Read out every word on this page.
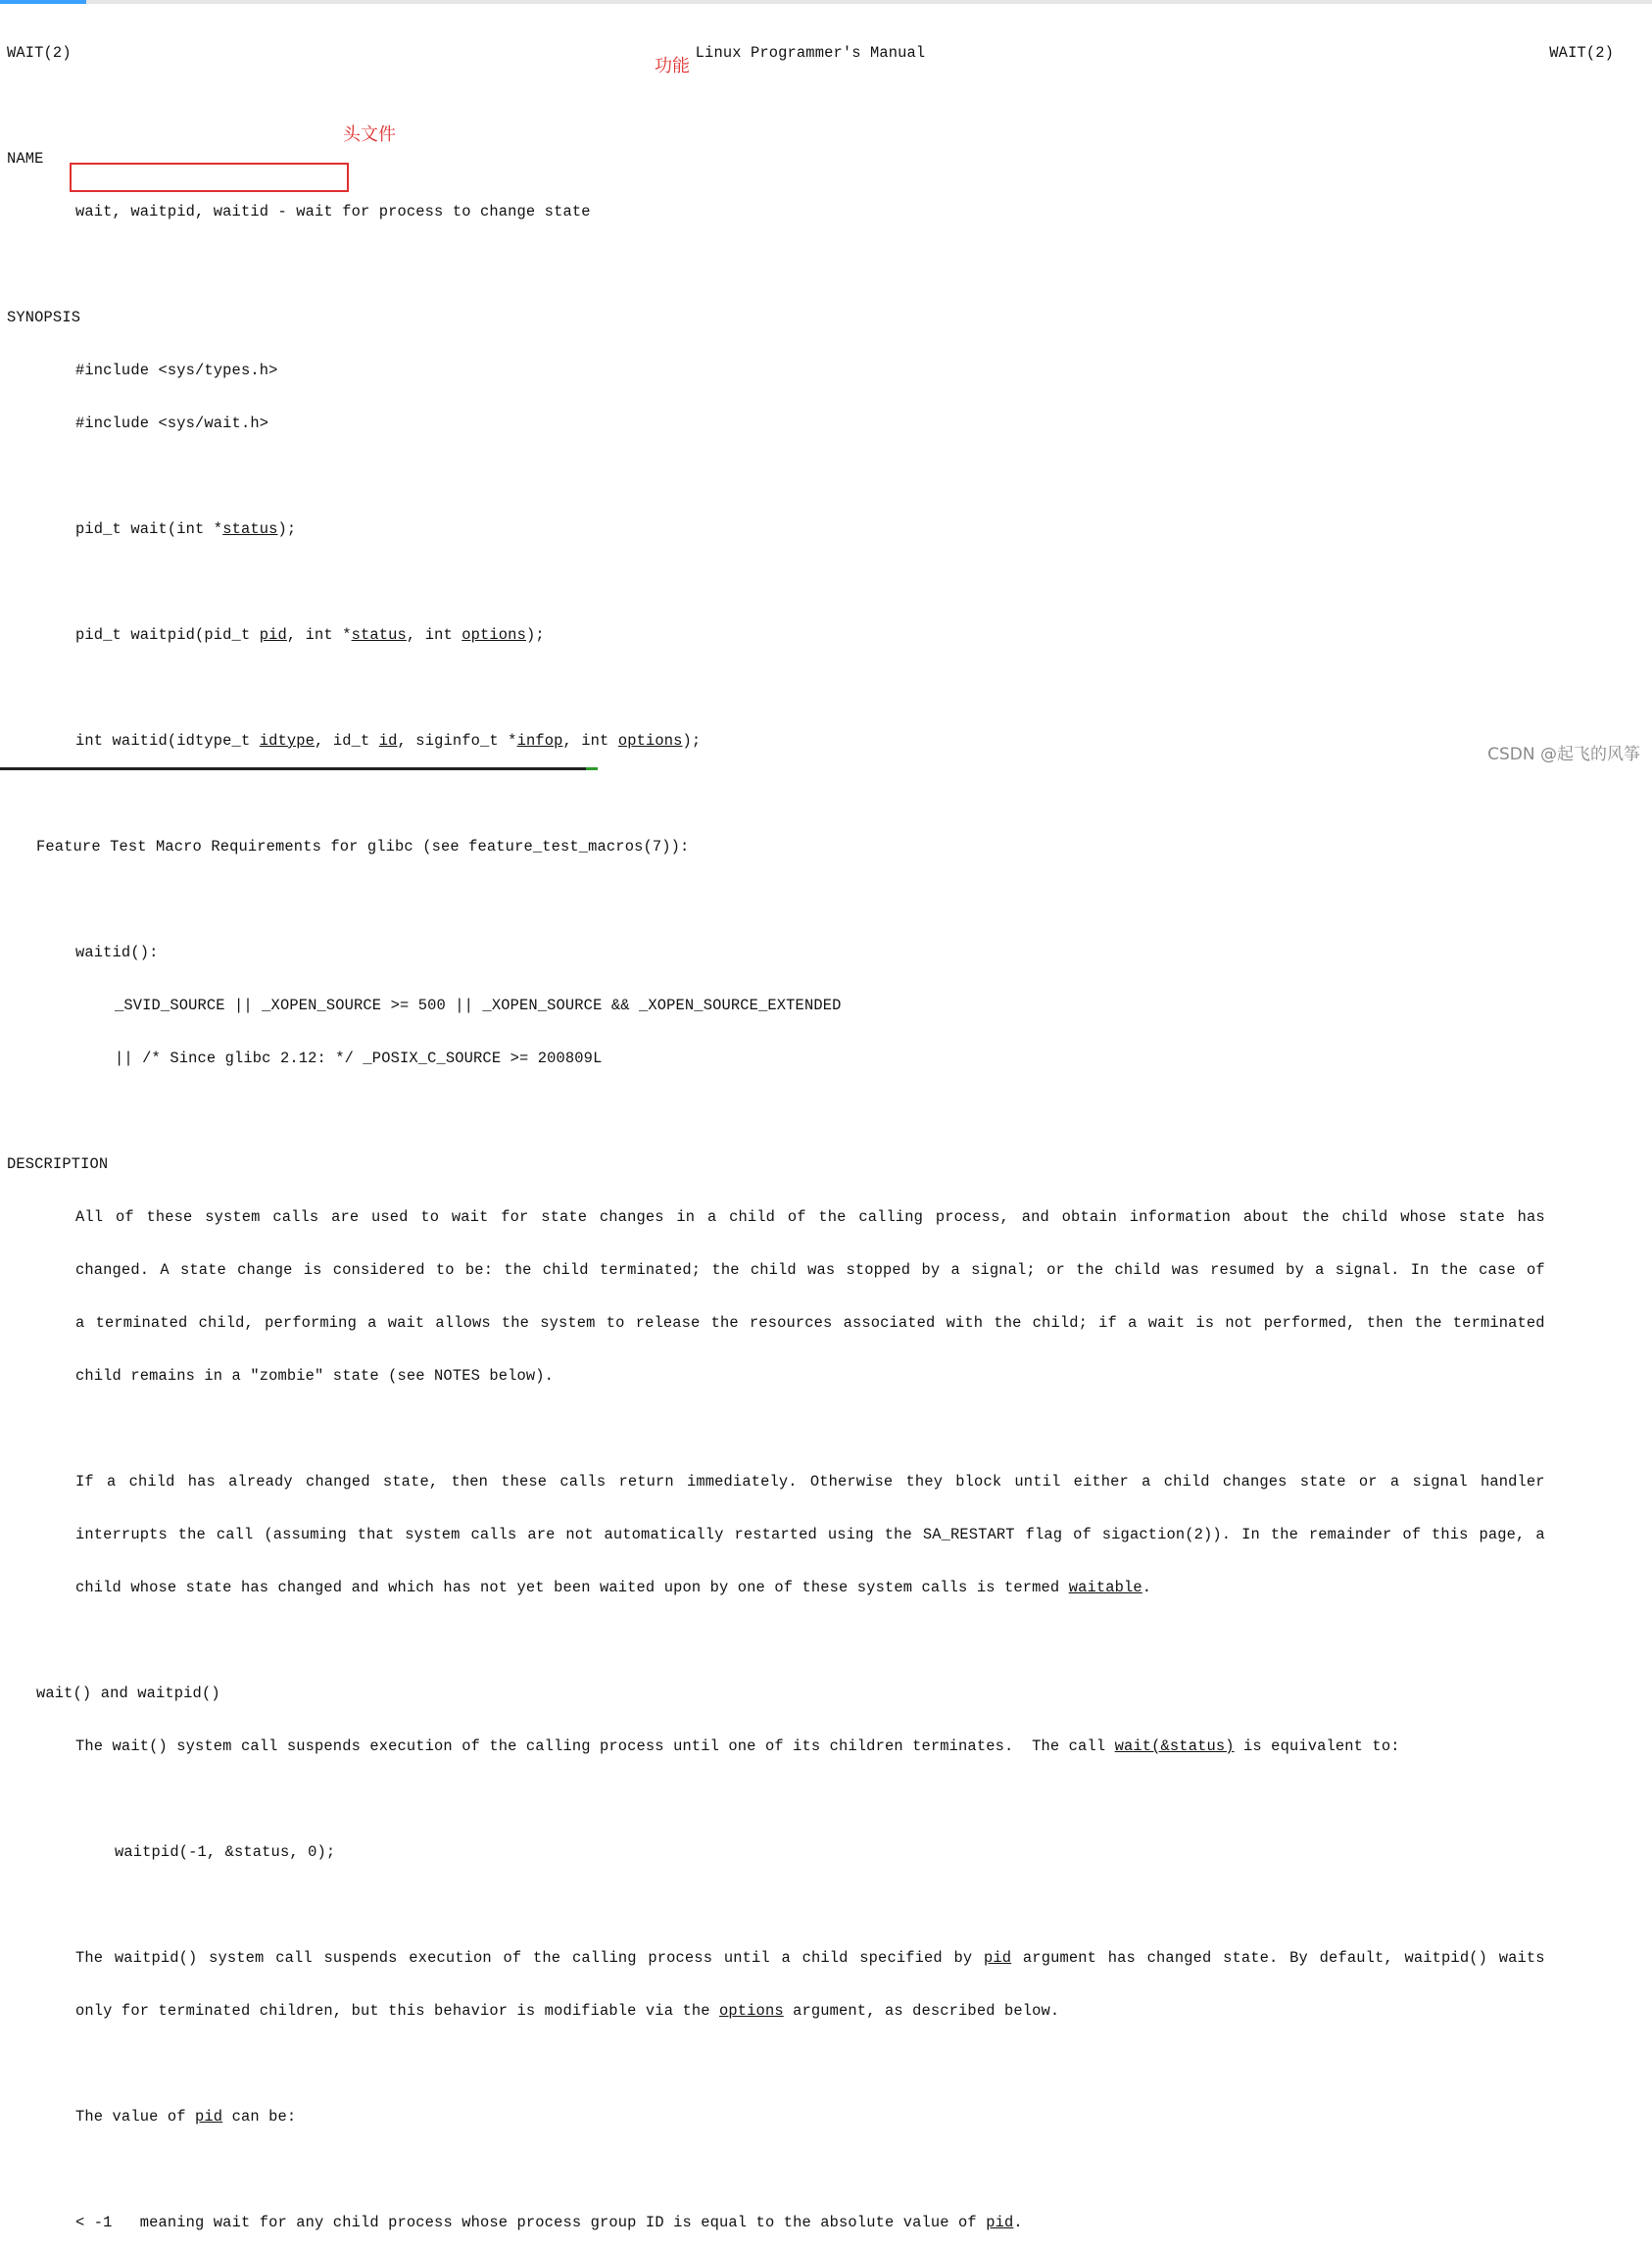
WAIT(2)	Linux Programmer's Manual	WAIT(2)

NAME

wait, waitpid, waitid - wait for process to change state

SYNOPSIS

#include <sys/types.h>

#include <sys/wait.h>

pid_t wait(int *status);

pid_t waitpid(pid_t pid, int *status, int options);

int waitid(idtype_t idtype, id_t id, siginfo_t *infop, int options);

Feature Test Macro Requirements for glibc (see feature_test_macros(7)):

waitid():

_SVID_SOURCE || _XOPEN_SOURCE >= 500 || _XOPEN_SOURCE && _XOPEN_SOURCE_EXTENDED

|| /* Since glibc 2.12: */ _POSIX_C_SOURCE >= 200809L

DESCRIPTION

All of these system calls are used to wait for state changes in a child of the calling process, and obtain information about the child whose state has

changed. A state change is considered to be: the child terminated; the child was stopped by a signal; or the child was resumed by a signal. In the case of

a terminated child, performing a wait allows the system to release the resources associated with the child; if a wait is not performed, then the terminated

child remains in a "zombie" state (see NOTES below).

If a child has already changed state, then these calls return immediately. Otherwise they block until either a child changes state or a signal handler

interrupts the call (assuming that system calls are not automatically restarted using the SA_RESTART flag of sigaction(2)). In the remainder of this page, a

child whose state has changed and which has not yet been waited upon by one of these system calls is termed waitable.

wait() and waitpid()

The wait() system call suspends execution of the calling process until one of its children terminates.  The call wait(&status) is equivalent to:

waitpid(-1, &status, 0);

The waitpid() system call suspends execution of the calling process until a child specified by pid argument has changed state. By default, waitpid() waits

only for terminated children, but this behavior is modifiable via the options argument, as described below.

The value of pid can be:

< -1   meaning wait for any child process whose process group ID is equal to the absolute value of pid.

功能
头文件
CSDN @起飞的风筝
